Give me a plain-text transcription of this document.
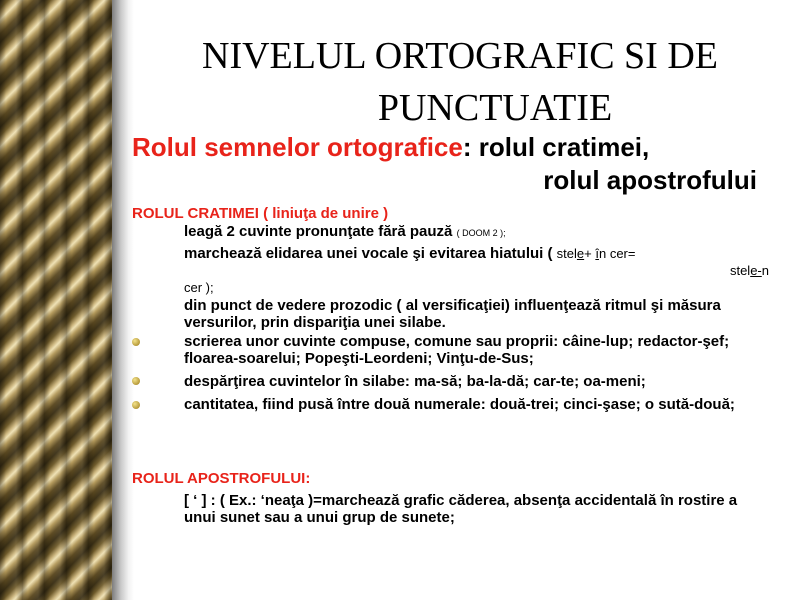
NIVELUL ORTOGRAFIC SI DE
PUNCTUATIE
Rolul semnelor ortografice: rolul cratimei,
rolul apostrofului
ROLUL CRATIMEI ( liniuţa de unire )
leagă 2 cuvinte pronunţate fără pauză ( DOOM 2 );
marchează elidarea unei vocale şi evitarea hiatului ( stele+ în cer=
stele-n
cer );
din punct de vedere prozodic ( al versificaţiei) influenţează ritmul şi măsura versurilor, prin dispariţia unei silabe.
scrierea unor cuvinte compuse, comune sau proprii: câine-lup; redactor-şef; floarea-soarelui; Popeşti-Leordeni; Vinţu-de-Sus;
despărţirea cuvintelor în silabe: ma-să; ba-la-dă; car-te; oa-meni;
cantitatea, fiind pusă între două numerale: două-trei; cinci-şase; o sută-două;
ROLUL APOSTROFULUI:
[ ‘ ] : ( Ex.: ‘neaţa )=marchează grafic căderea, absenţa accidentală în rostire a unui sunet sau a unui grup de sunete;
